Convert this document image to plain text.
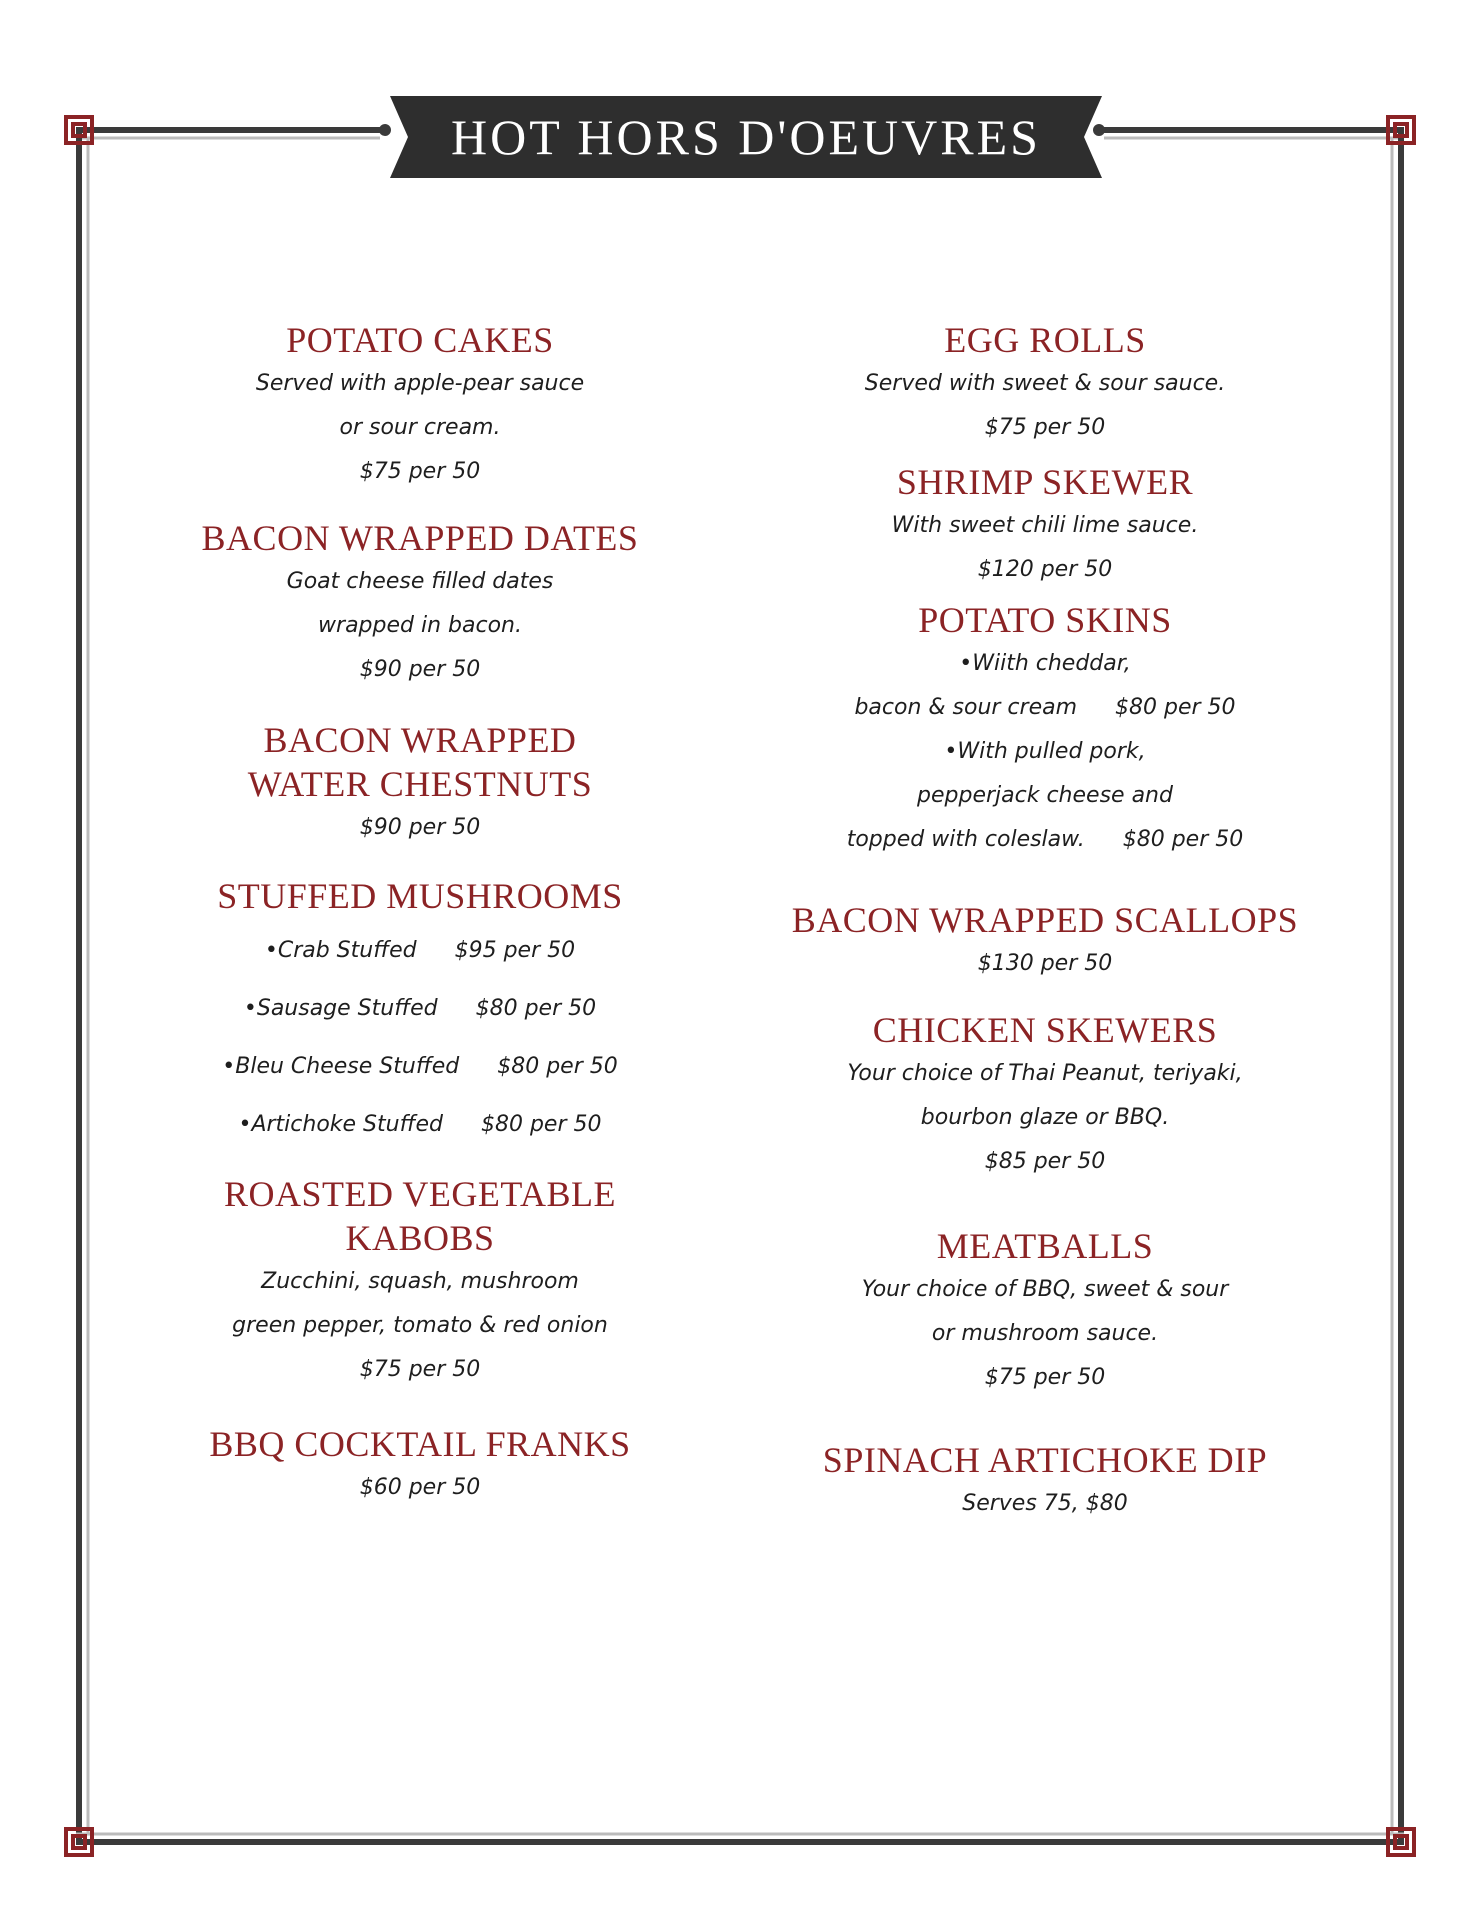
HOT HORS D'OEUVRES
POTATO CAKES
Served with apple-pear sauce
or sour cream.
$75 per 50
BACON WRAPPED DATES
Goat cheese filled dates
wrapped in bacon.
$90 per 50
BACON WRAPPED
WATER CHESTNUTS
$90 per 50
STUFFED MUSHROOMS
•Crab Stuffed $95 per 50
•Sausage Stuffed $80 per 50
•Bleu Cheese Stuffed $80 per 50
•Artichoke Stuffed $80 per 50
ROASTED VEGETABLE
KABOBS
Zucchini, squash, mushroom
green pepper, tomato & red onion
$75 per 50
BBQ COCKTAIL FRANKS
$60 per 50
EGG ROLLS
Served with sweet & sour sauce.
$75 per 50
SHRIMP SKEWER
With sweet chili lime sauce.
$120 per 50
POTATO SKINS
•Wiith cheddar,
bacon & sour cream $80 per 50
•With pulled pork,
pepperjack cheese and
topped with coleslaw. $80 per 50
BACON WRAPPED SCALLOPS
$130 per 50
CHICKEN SKEWERS
Your choice of Thai Peanut, teriyaki,
bourbon glaze or BBQ.
$85 per 50
MEATBALLS
Your choice of BBQ, sweet & sour
or mushroom sauce.
$75 per 50
SPINACH ARTICHOKE DIP
Serves 75, $80
